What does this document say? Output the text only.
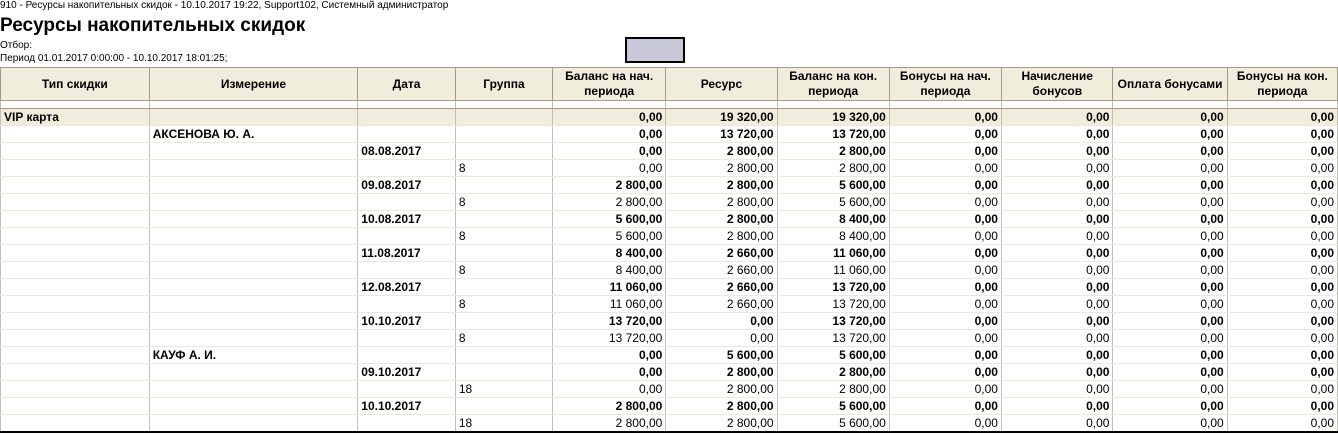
910 - Ресурсы накопительных скидок - 10.10.2017 19:22, Support102, Системный администратор
Ресурсы накопительных скидок
Отбор:
Период 01.01.2017 0:00:00 - 10.10.2017 18:01:25;
Тип скидки	Измерение	Дата	Группа	Баланс на нач. периода	Ресурс	Баланс на кон. периода	Бонусы на нач. периода	Начисление бонусов	Оплата бонусами	Бонусы на кон. периода

VIP карта				0,00	19 320,00	19 320,00	0,00	0,00	0,00	0,00
	АКСЕНОВА Ю. А.			0,00	13 720,00	13 720,00	0,00	0,00	0,00	0,00
		08.08.2017		0,00	2 800,00	2 800,00	0,00	0,00	0,00	0,00
			8	0,00	2 800,00	2 800,00	0,00	0,00	0,00	0,00
		09.08.2017		2 800,00	2 800,00	5 600,00	0,00	0,00	0,00	0,00
			8	2 800,00	2 800,00	5 600,00	0,00	0,00	0,00	0,00
		10.08.2017		5 600,00	2 800,00	8 400,00	0,00	0,00	0,00	0,00
			8	5 600,00	2 800,00	8 400,00	0,00	0,00	0,00	0,00
		11.08.2017		8 400,00	2 660,00	11 060,00	0,00	0,00	0,00	0,00
			8	8 400,00	2 660,00	11 060,00	0,00	0,00	0,00	0,00
		12.08.2017		11 060,00	2 660,00	13 720,00	0,00	0,00	0,00	0,00
			8	11 060,00	2 660,00	13 720,00	0,00	0,00	0,00	0,00
		10.10.2017		13 720,00	0,00	13 720,00	0,00	0,00	0,00	0,00
			8	13 720,00	0,00	13 720,00	0,00	0,00	0,00	0,00
	КАУФ А. И.			0,00	5 600,00	5 600,00	0,00	0,00	0,00	0,00
		09.10.2017		0,00	2 800,00	2 800,00	0,00	0,00	0,00	0,00
			18	0,00	2 800,00	2 800,00	0,00	0,00	0,00	0,00
		10.10.2017		2 800,00	2 800,00	5 600,00	0,00	0,00	0,00	0,00
			18	2 800,00	2 800,00	5 600,00	0,00	0,00	0,00	0,00
